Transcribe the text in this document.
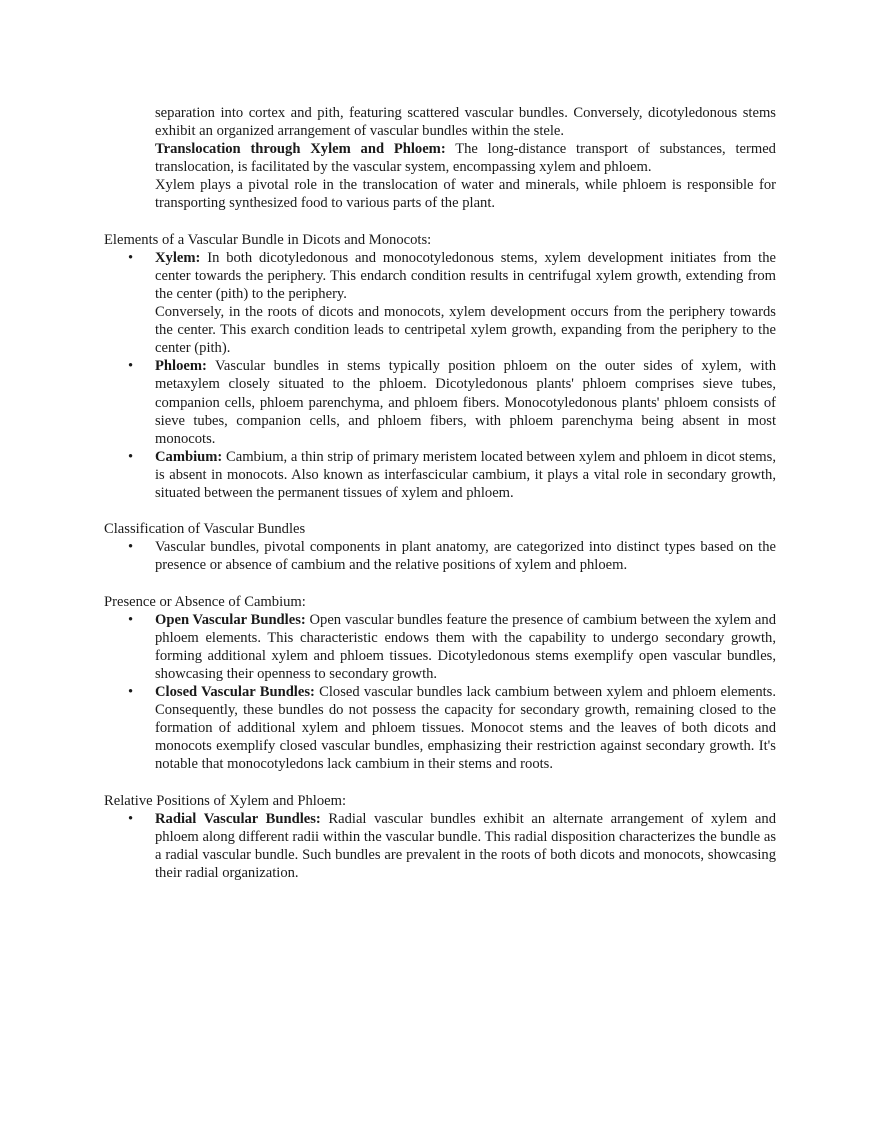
separation into cortex and pith, featuring scattered vascular bundles. Conversely, dicotyledonous stems exhibit an organized arrangement of vascular bundles within the stele.

Translocation through Xylem and Phloem: The long-distance transport of substances, termed translocation, is facilitated by the vascular system, encompassing xylem and phloem.

Xylem plays a pivotal role in the translocation of water and minerals, while phloem is responsible for transporting synthesized food to various parts of the plant.

Elements of a Vascular Bundle in Dicots and Monocots:
• Xylem: In both dicotyledonous and monocotyledonous stems, xylem development initiates from the center towards the periphery. This endarch condition results in centrifugal xylem growth, extending from the center (pith) to the periphery.

Conversely, in the roots of dicots and monocots, xylem development occurs from the periphery towards the center. This exarch condition leads to centripetal xylem growth, expanding from the periphery to the center (pith).

• Phloem: Vascular bundles in stems typically position phloem on the outer sides of xylem, with metaxylem closely situated to the phloem. Dicotyledonous plants' phloem comprises sieve tubes, companion cells, phloem parenchyma, and phloem fibers. Monocotyledonous plants' phloem consists of sieve tubes, companion cells, and phloem fibers, with phloem parenchyma being absent in most monocots.

• Cambium: Cambium, a thin strip of primary meristem located between xylem and phloem in dicot stems, is absent in monocots. Also known as interfascicular cambium, it plays a vital role in secondary growth, situated between the permanent tissues of xylem and phloem.

Classification of Vascular Bundles
• Vascular bundles, pivotal components in plant anatomy, are categorized into distinct types based on the presence or absence of cambium and the relative positions of xylem and phloem.

Presence or Absence of Cambium:
• Open Vascular Bundles: Open vascular bundles feature the presence of cambium between the xylem and phloem elements. This characteristic endows them with the capability to undergo secondary growth, forming additional xylem and phloem tissues. Dicotyledonous stems exemplify open vascular bundles, showcasing their openness to secondary growth.

• Closed Vascular Bundles: Closed vascular bundles lack cambium between xylem and phloem elements. Consequently, these bundles do not possess the capacity for secondary growth, remaining closed to the formation of additional xylem and phloem tissues. Monocot stems and the leaves of both dicots and monocots exemplify closed vascular bundles, emphasizing their restriction against secondary growth. It's notable that monocotyledons lack cambium in their stems and roots.

Relative Positions of Xylem and Phloem:
• Radial Vascular Bundles: Radial vascular bundles exhibit an alternate arrangement of xylem and phloem along different radii within the vascular bundle. This radial disposition characterizes the bundle as a radial vascular bundle. Such bundles are prevalent in the roots of both dicots and monocots, showcasing their radial organization.
